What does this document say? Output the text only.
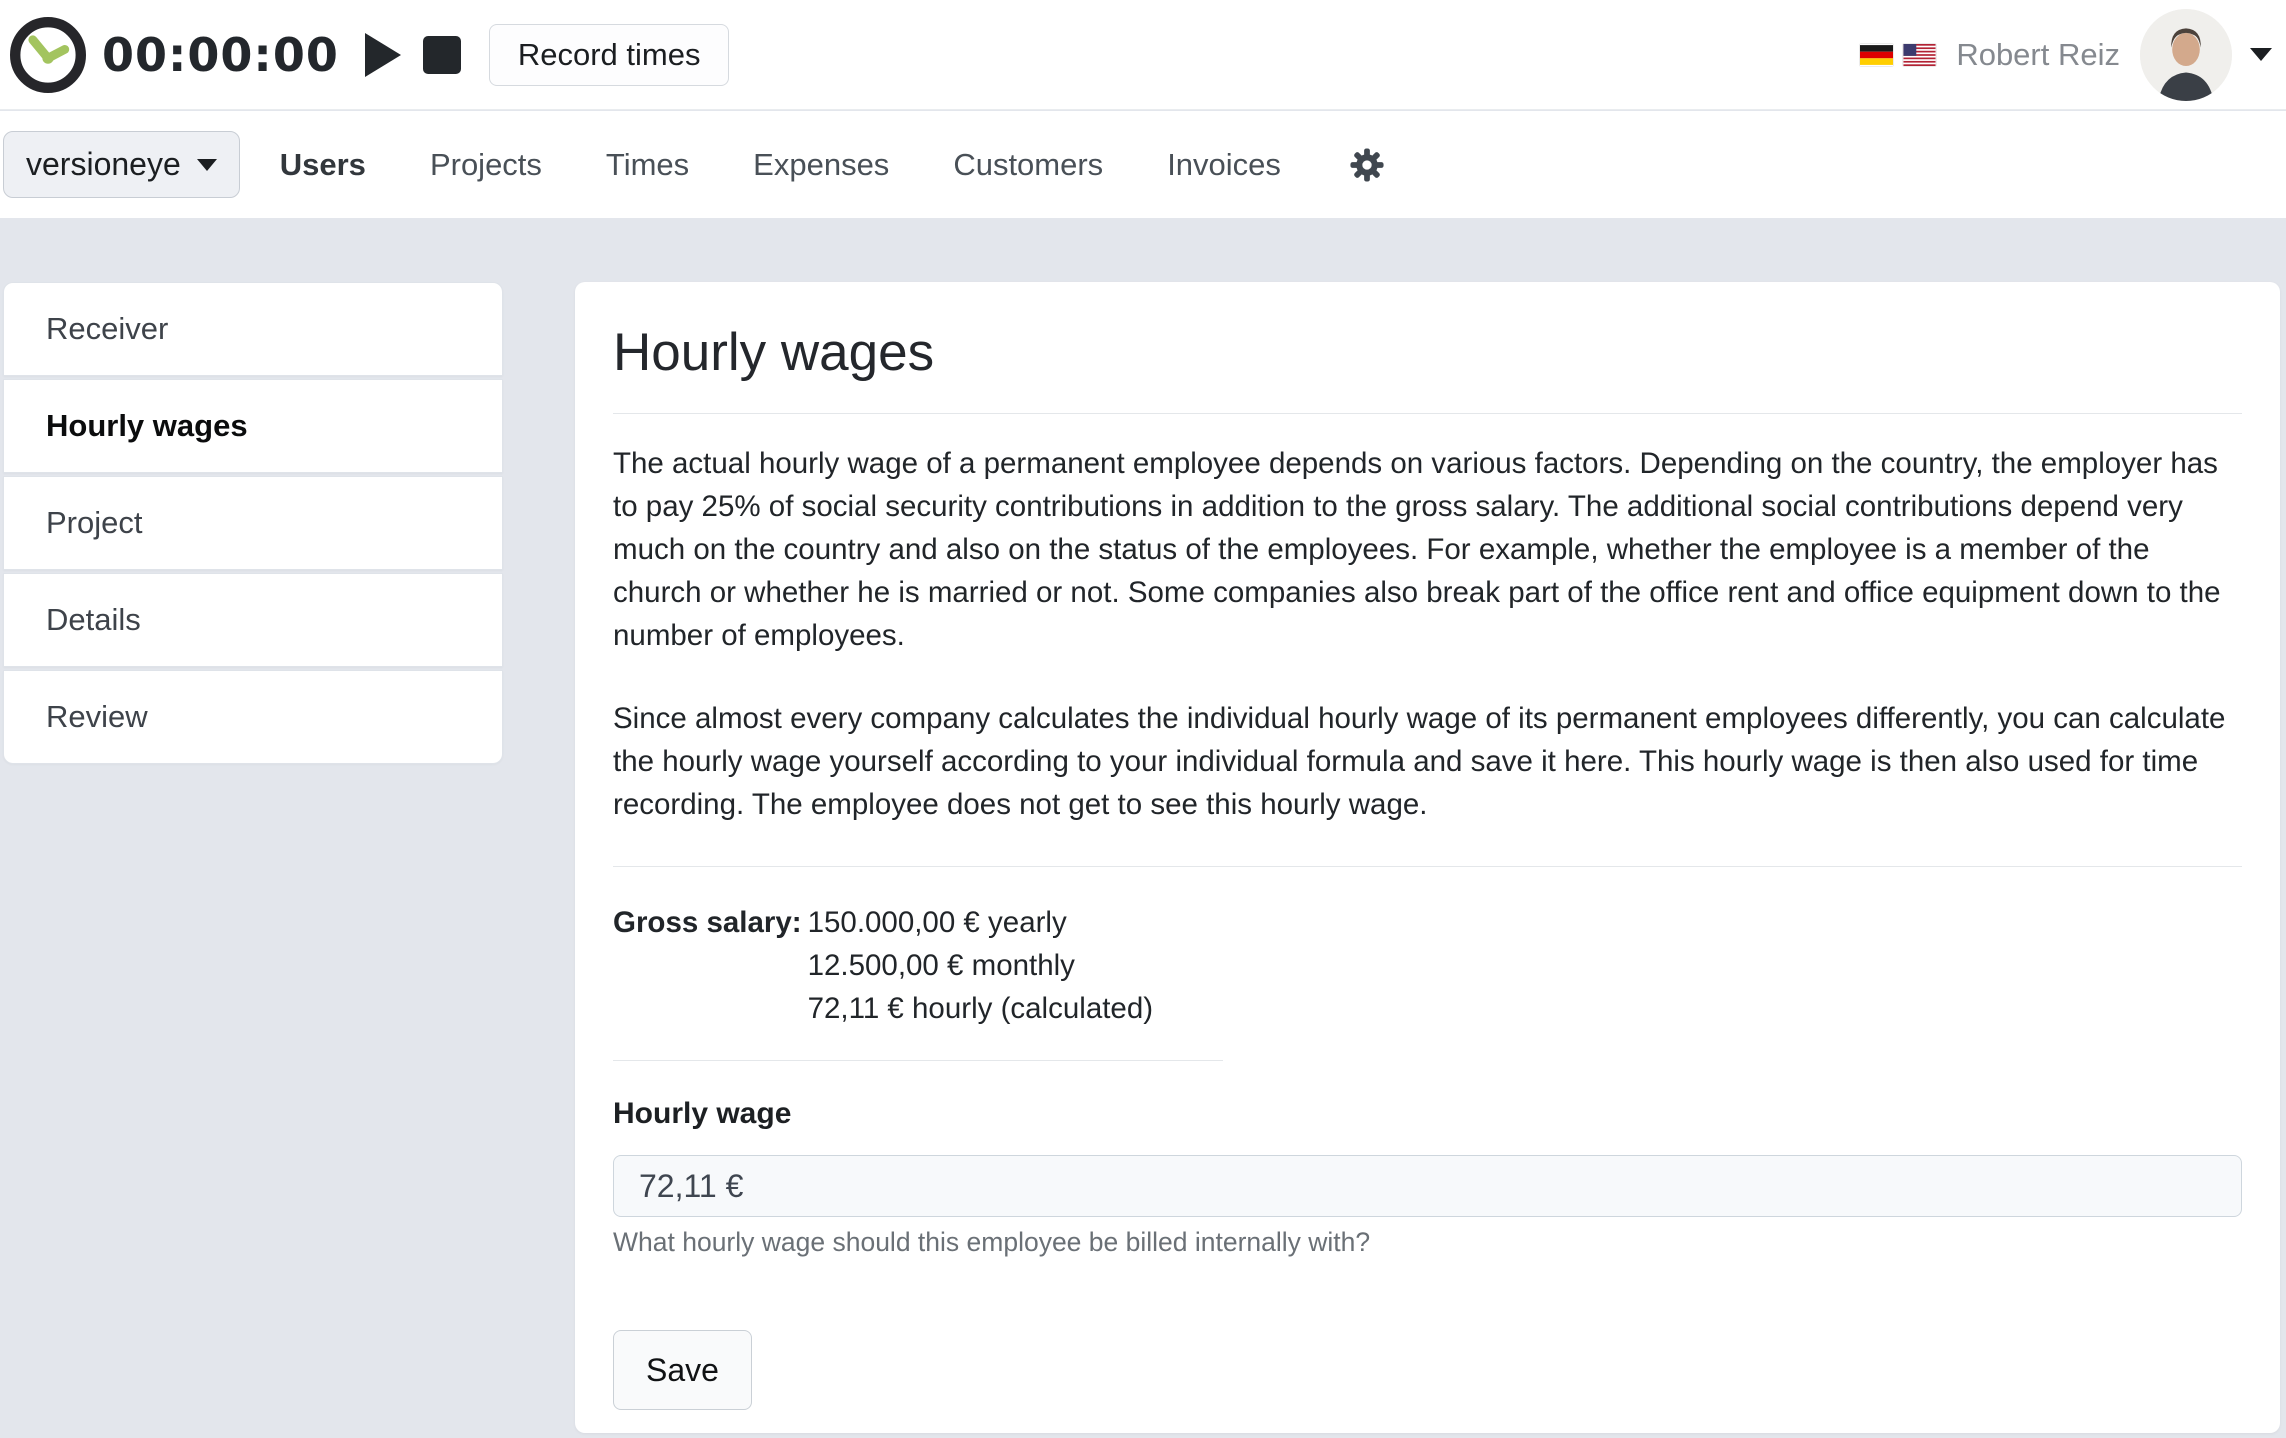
00:00:00	Record times	Robert Reiz
versioneye	Users Projects Times Expenses Customers Invoices
Receiver
Hourly wages
Project
Details
Review
Hourly wages

The actual hourly wage of a permanent employee depends on various factors. Depending on the country, the employer has to pay 25% of social security contributions in addition to the gross salary. The additional social contributions depend very much on the country and also on the status of the employees. For example, whether the employee is a member of the church or whether he is married or not. Some companies also break part of the office rent and office equipment down to the number of employees.

Since almost every company calculates the individual hourly wage of its permanent employees differently, you can calculate the hourly wage yourself according to your individual formula and save it here. This hourly wage is then also used for time recording. The employee does not get to see this hourly wage.

Gross salary: 150.000,00 € yearly
12.500,00 € monthly
72,11 € hourly (calculated)
Hourly wage
72,11 €
What hourly wage should this employee be billed internally with?
Save
